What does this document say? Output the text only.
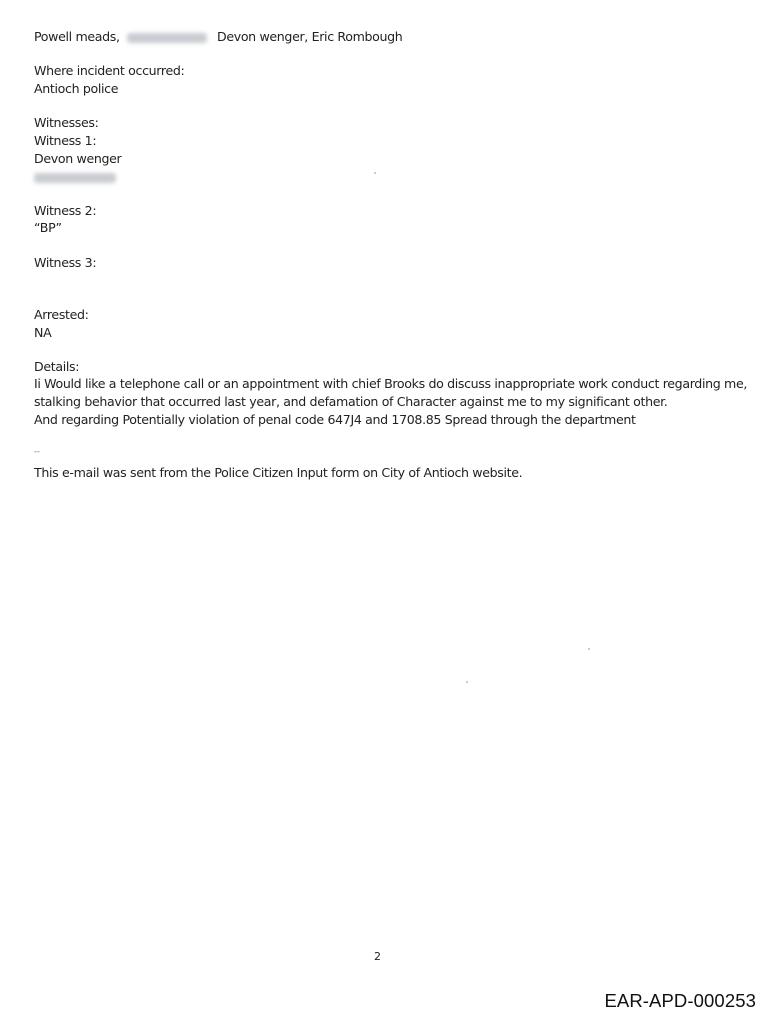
Powell meads,	Devon wenger, Eric Rombough
Where incident occurred:
Antioch police
Witnesses:
Witness 1:
Devon wenger
Witness 2:
“BP”
Witness 3:
Arrested:
NA
Details:
Ii Would like a telephone call or an appointment with chief Brooks do discuss inappropriate work conduct regarding me,
stalking behavior that occurred last year, and defamation of Character against me to my significant other.
And regarding Potentially violation of penal code 647J4 and 1708.85 Spread through the department
--
This e-mail was sent from the Police Citizen Input form on City of Antioch website.
2
EAR-APD-000253
